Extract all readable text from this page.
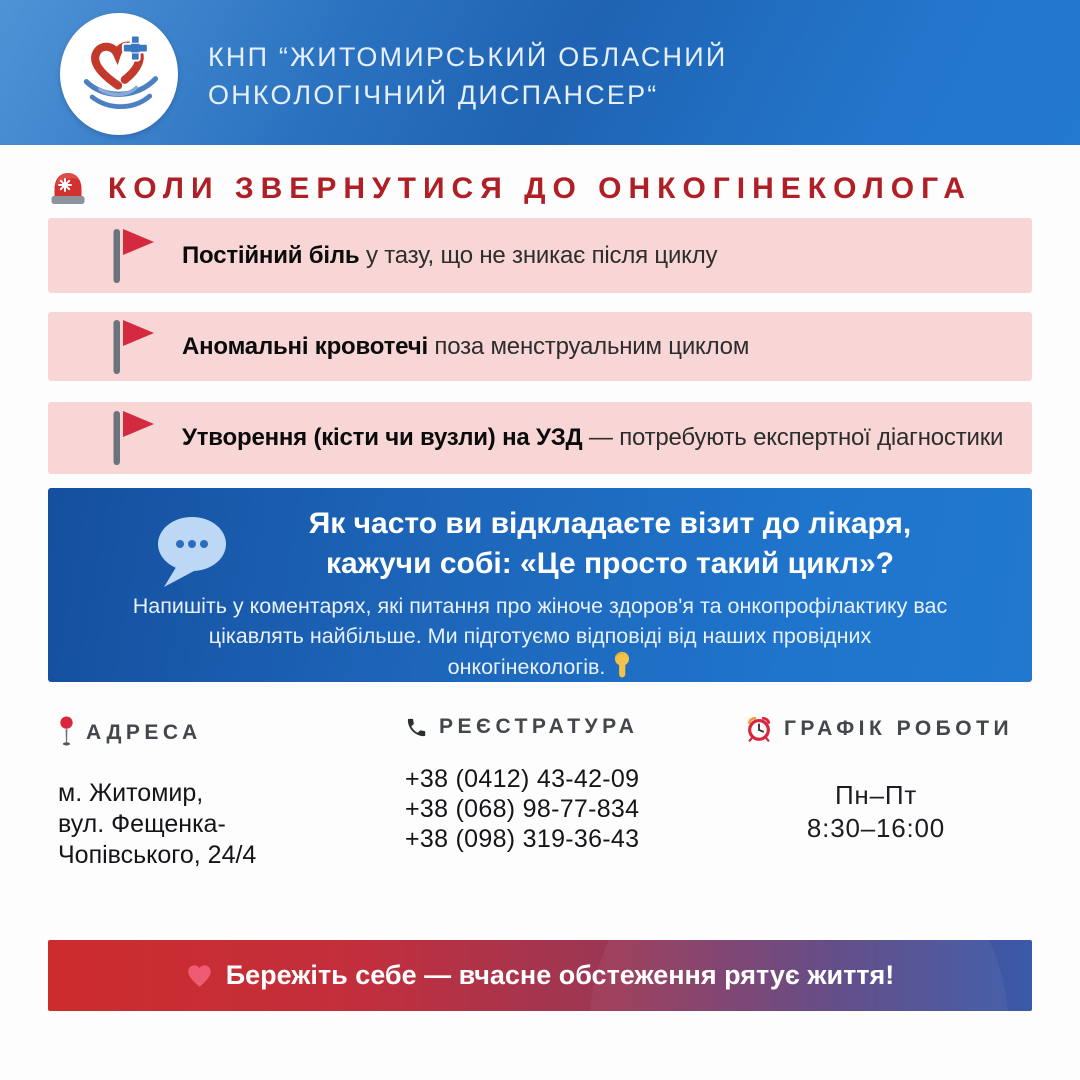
КНП “ЖИТОМИРСЬКИЙ ОБЛАСНИЙ
ОНКОЛОГІЧНИЙ ДИСПАНСЕР“
КОЛИ ЗВЕРНУТИСЯ ДО ОНКОГІНЕКОЛОГА
Постійний біль у тазу, що не зникає після циклу
Аномальні кровотечі поза менструальним циклом
Утворення (кісти чи вузли) на УЗД — потребують експертної діагностики
Як часто ви відкладаєте візит до лікаря,
кажучи собі: «Це просто такий цикл»?
Напишіть у коментарях, які питання про жіноче здоров'я та онкопрофілактику вас
цікавлять найбільше. Ми підготуємо відповіді від наших провідних
онкогінекологів.
АДРЕСА
м. Житомир,
вул. Фещенка-
Чопівського, 24/4
РЕЄСТРАТУРА
+38 (0412) 43-42-09
+38 (068) 98-77-834
+38 (098) 319-36-43
ГРАФІК РОБОТИ
Пн–Пт
8:30–16:00
Бережіть себе — вчасне обстеження рятує життя!
